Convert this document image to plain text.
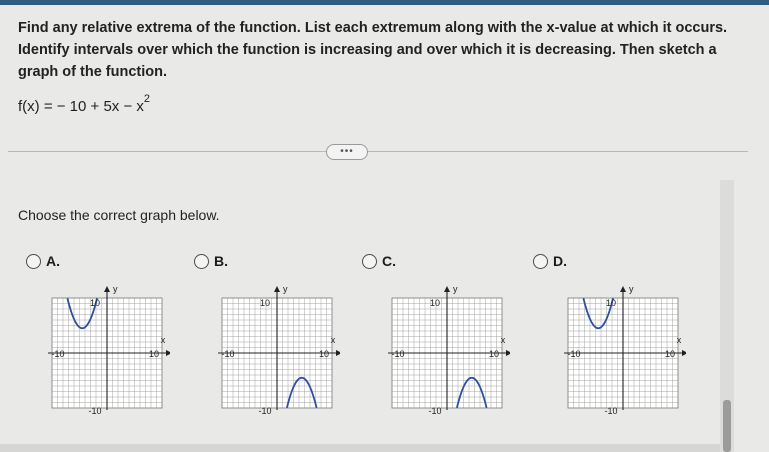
Find any relative extrema of the function. List each extremum along with the x-value at which it occurs. Identify intervals over which the function is increasing and over which it is decreasing. Then sketch a graph of the function.
f(x) = − $10 + 5x - x^2$
•••
Choose the correct graph below.
A.	B.	C.	D.
y
x
10
-10	10
-10
y
x
10
-10	10
-10
y
x
10
-10	10
-10
y
x
10
-10	10
-10
